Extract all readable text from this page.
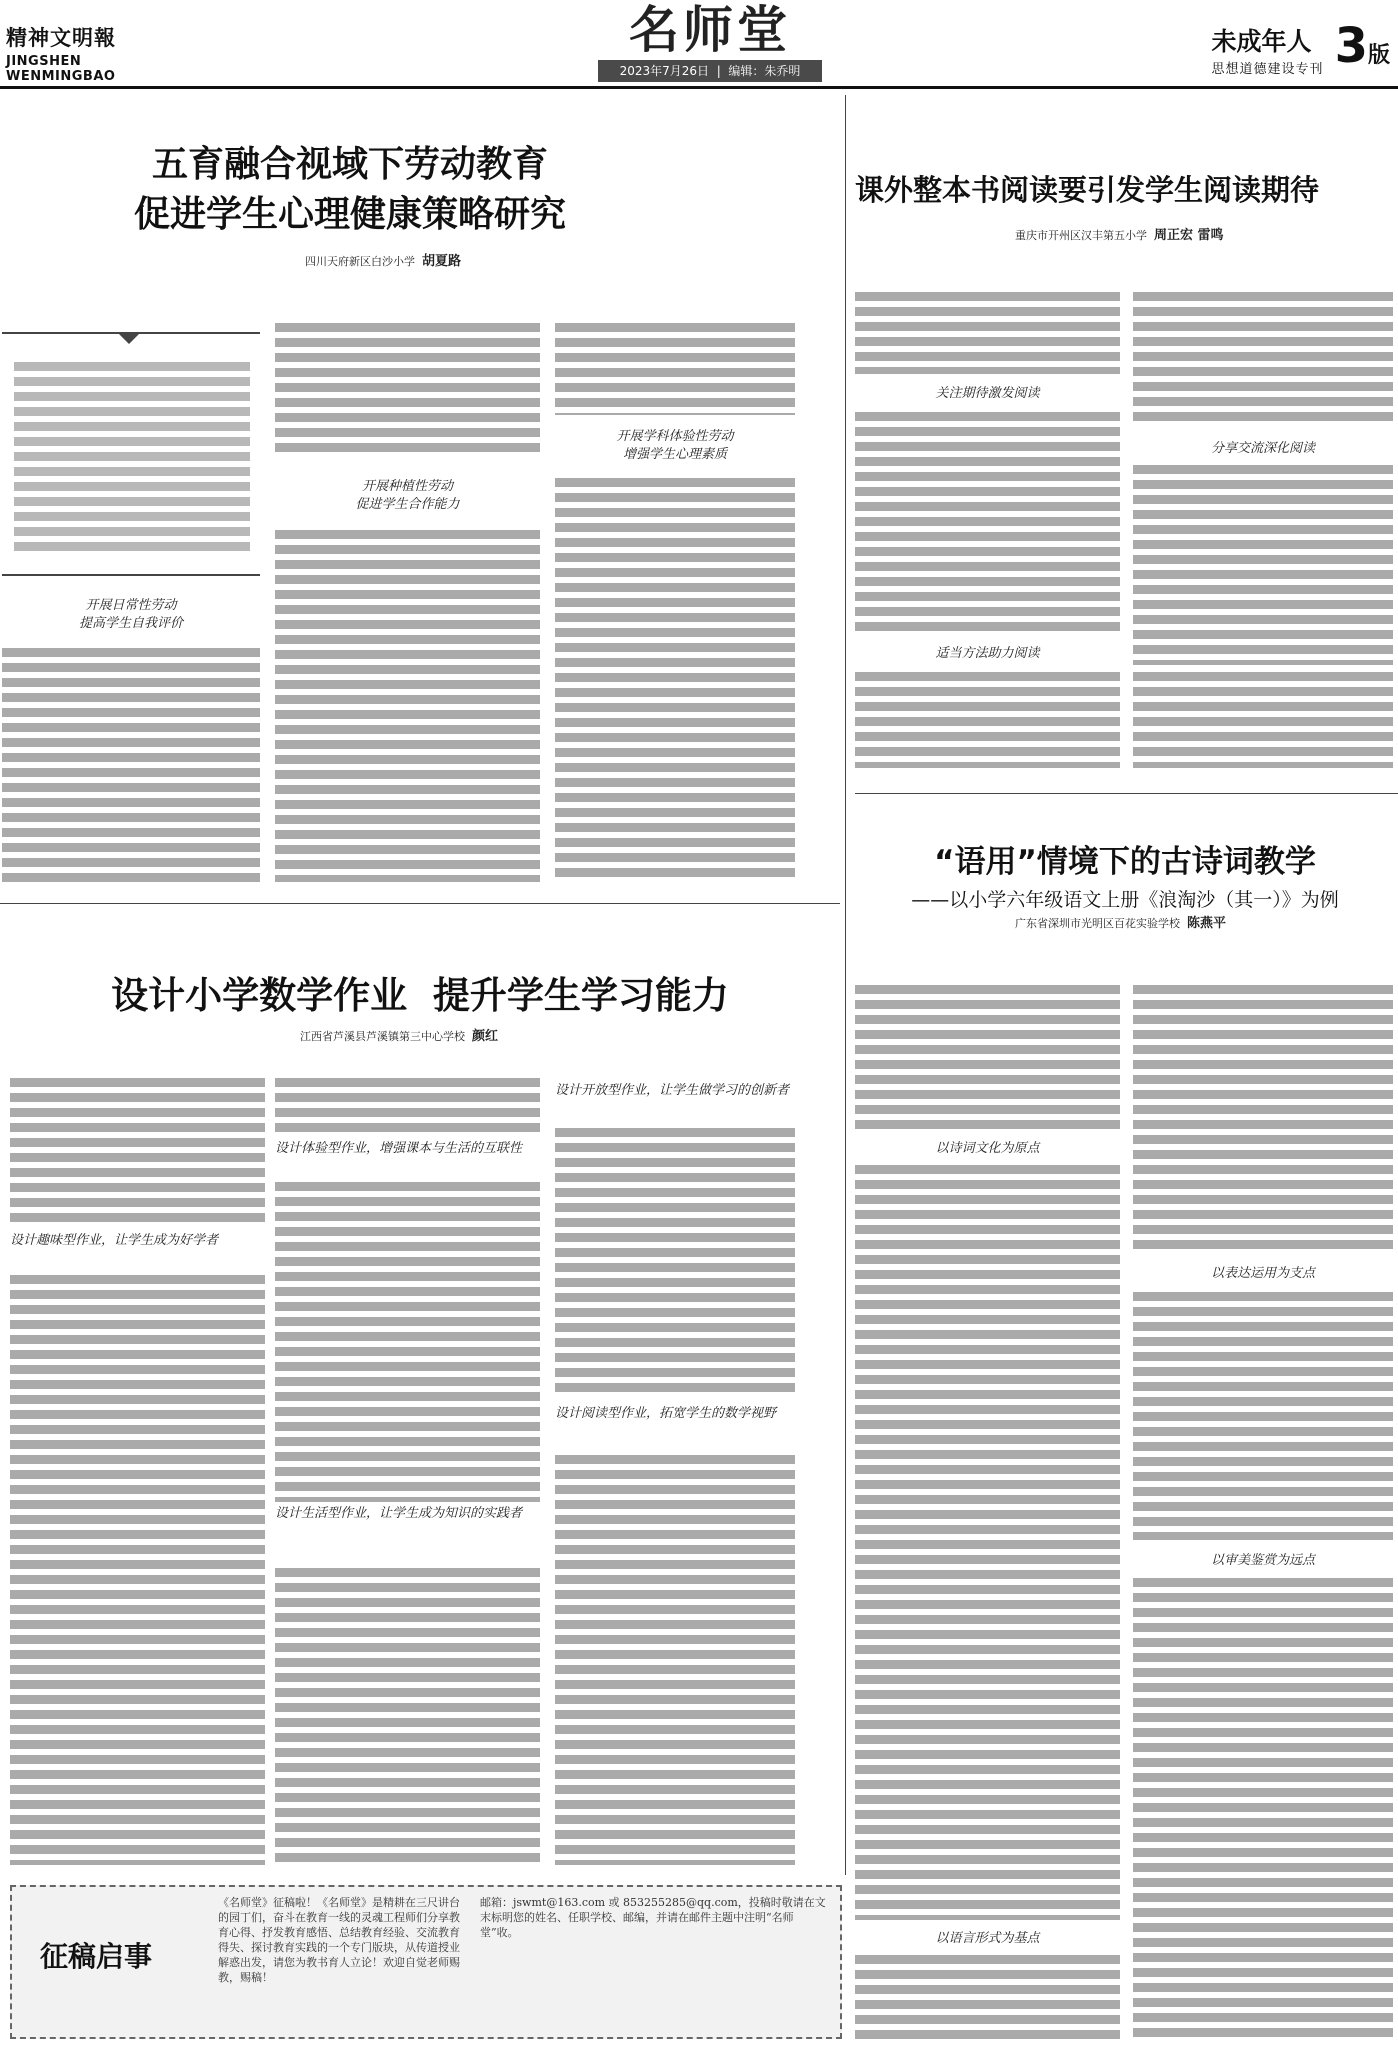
精神文明報
JINGSHEN WENMINGBAO
名师堂
2023年7月26日  |  编辑：朱乔明
未成年人
思想道德建设专刊 3版
五育融合视域下劳动教育
促进学生心理健康策略研究
四川天府新区白沙小学 胡夏路
开展日常性劳动
提高学生自我评价
开展种植性劳动
促进学生合作能力
开展学科体验性劳动
增强学生心理素质
课外整本书阅读要引发学生阅读期待
重庆市开州区汉丰第五小学 周正宏 雷鸣
关注期待激发阅读
适当方法助力阅读
分享交流深化阅读
设计小学数学作业  提升学生学习能力
江西省芦溪县芦溪镇第三中心学校 颜红
设计趣味型作业，让学生成为好学者
设计体验型作业，增强课本与生活的互联性
设计生活型作业，让学生成为知识的实践者
设计开放型作业，让学生做学习的创新者
设计阅读型作业，拓宽学生的数学视野
“语用”情境下的古诗词教学
——以小学六年级语文上册《浪淘沙（其一）》为例
广东省深圳市光明区百花实验学校 陈燕平
以诗词文化为原点
以语言形式为基点
以表达运用为支点
以审美鉴赏为远点
征稿启事
《名师堂》征稿啦！《名师堂》是精耕在三尺讲台的园丁们，奋斗在教育一线的灵魂工程师们分享教育心得、抒发教育感悟、总结教育经验、交流教育得失、探讨教育实践的一个专门版块，从传道授业解惑出发，请您为教书育人立论！欢迎自觉老师赐教，赐稿！
邮箱：jswmt@163.com 或 853255285@qq.com，投稿时敬请在文末标明您的姓名、任职学校、邮编，并请在邮件主题中注明“名师堂”收。
